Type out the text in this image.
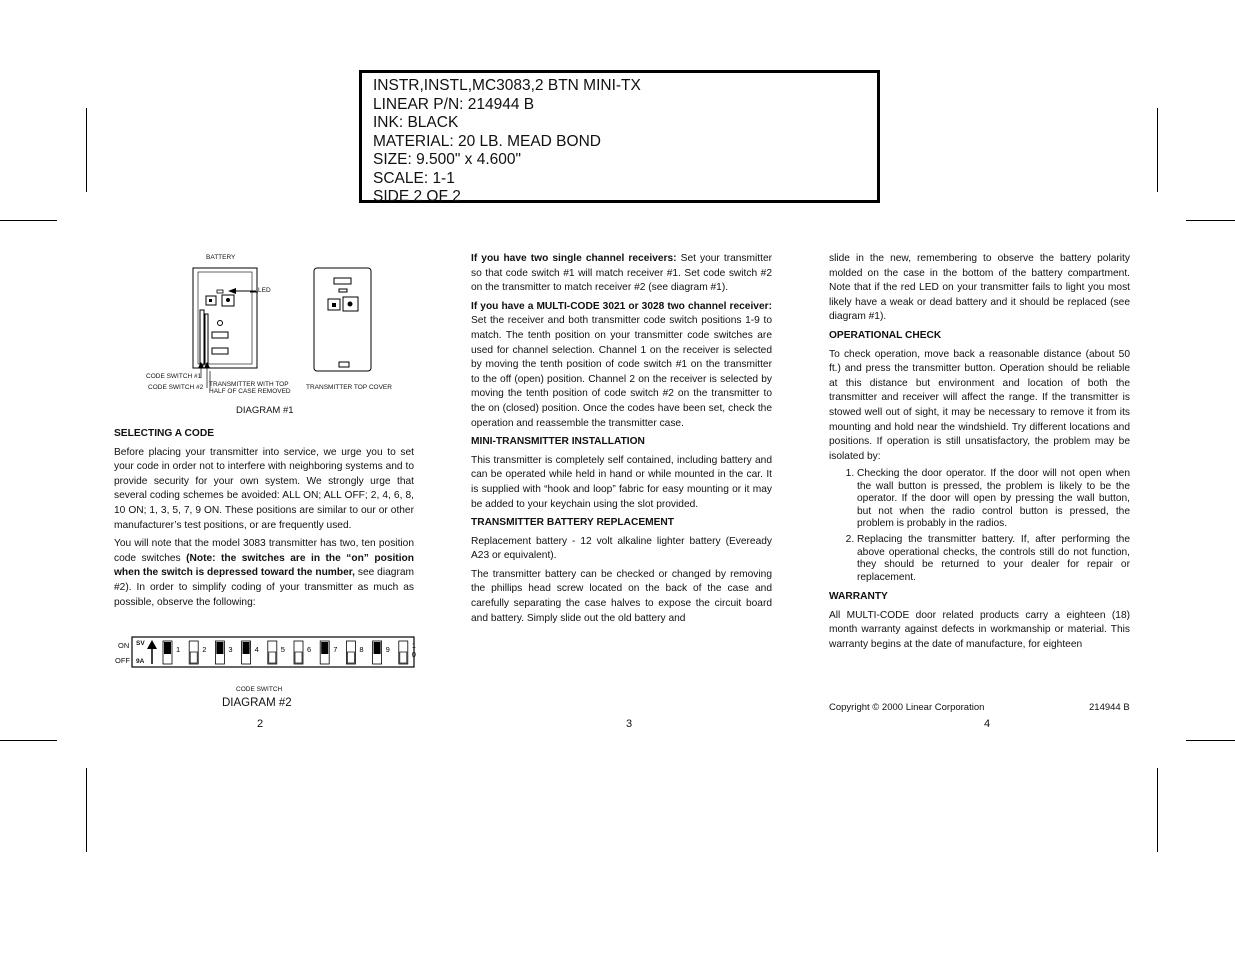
INSTR,INSTL,MC3083,2 BTN MINI-TX
LINEAR P/N: 214944 B
INK: BLACK
MATERIAL: 20 LB. MEAD BOND
SIZE: 9.500" x 4.600"
SCALE: 1-1
SIDE 2 OF 2
BATTERY
LED
CODE SWITCH #1
CODE SWITCH #2 TRANSMITTER WITH TOP
HALF OF CASE REMOVED
TRANSMITTER TOP COVER
DIAGRAM #1

SELECTING A CODE

Before placing your transmitter into service, we urge you to set your code in order not to interfere with neighboring systems and to provide security for your own system. We strongly urge that several coding schemes be avoided: ALL ON; ALL OFF; 2, 4, 6, 8, 10 ON; 1, 3, 5, 7, 9 ON. These positions are similar to our or other manufacturer’s test positions, or are frequently used.

You will note that the model 3083 transmitter has two, ten position code switches (Note: the switches are in the “on” position when the switch is depressed toward the number, see diagram #2). In order to simplify coding of your transmitter as much as possible, observe the following:

ON
OFF
1	2	3	4	5	6	7	8	9	1
0
SV
9A
CODE SWITCH
DIAGRAM #2
2

If you have two single channel receivers: Set your transmitter so that code switch #1 will match receiver #1. Set code switch #2 on the transmitter to match receiver #2 (see diagram #1).

If you have a MULTI-CODE 3021 or 3028 two channel receiver: Set the receiver and both transmitter code switch positions 1-9 to match. The tenth position on your transmitter code switches are used for channel selection. Channel 1 on the receiver is selected by moving the tenth position of code switch #1 on the transmitter to the off (open) position. Channel 2 on the receiver is selected by moving the tenth position of code switch #2 on the transmitter to the on (closed) position. Once the codes have been set, check the operation and reassemble the transmitter case.

MINI-TRANSMITTER INSTALLATION

This transmitter is completely self contained, including battery and can be operated while held in hand or while mounted in the car. It is supplied with “hook and loop” fabric for easy mounting or it may be added to your keychain using the slot provided.

TRANSMITTER BATTERY REPLACEMENT

Replacement battery - 12 volt alkaline lighter battery (Eveready A23 or equivalent).

The transmitter battery can be checked or changed by removing the phillips head screw located on the back of the case and carefully separating the case halves to expose the circuit board and battery. Simply slide out the old battery and

3

slide in the new, remembering to observe the battery polarity molded on the case in the bottom of the battery compartment. Note that if the red LED on your transmitter fails to light you most likely have a weak or dead battery and it should be replaced (see diagram #1).

OPERATIONAL CHECK

To check operation, move back a reasonable distance (about 50 ft.) and press the transmitter button. Operation should be reliable at this distance but environment and location of both the transmitter and receiver will affect the range. If the transmitter is stowed well out of sight, it may be necessary to remove it from its mounting and hold near the windshield. Try different locations and positions. If operation is still unsatisfactory, the problem may be isolated by:

1. Checking the door operator. If the door will not open when the wall button is pressed, the problem is likely to be the operator. If the door will open by pressing the wall button, but not when the radio control button is pressed, the problem is probably in the radios.
2. Replacing the transmitter battery. If, after performing the above operational checks, the controls still do not function, they should be returned to your dealer for repair or replacement.

WARRANTY

All MULTI-CODE door related products carry a eighteen (18) month warranty against defects in workmanship or material. This warranty begins at the date of manufacture, for eighteen

Copyright © 2000 Linear Corporation	214944 B
4
